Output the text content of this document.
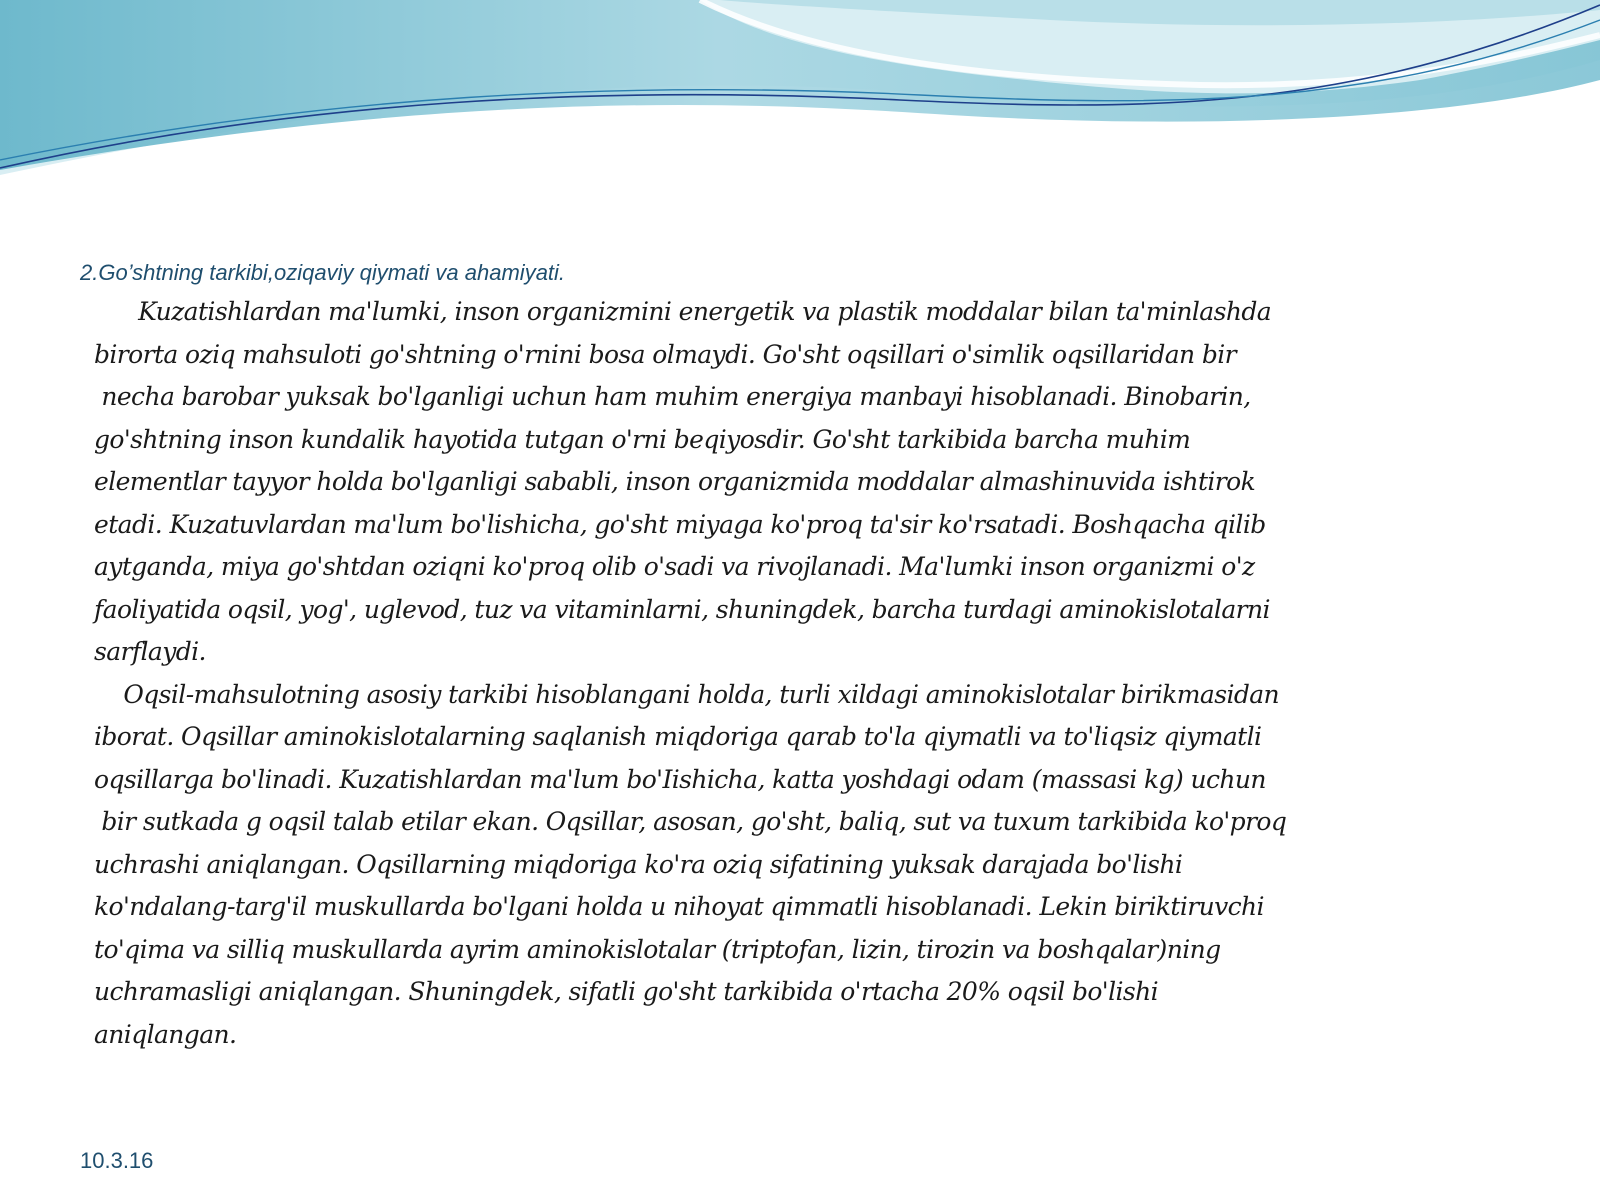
2.Go’shtning tarkibi,oziqaviy qiymati va ahamiyati.
Kuzatishlardan ma'lumki, inson organizmini energetik va plastik moddalar bilan ta'minlashda
birorta oziq mahsuloti go'shtning o'rnini bosa olmaydi. Go'sht oqsillari o'simlik oqsillaridan bir
necha barobar yuksak bo'lganligi uchun ham muhim energiya manbayi hisoblanadi. Binobarin,
go'shtning inson kundalik hayotida tutgan o'rni beqiyosdir. Go'sht tarkibida barcha muhim
elementlar tayyor holda bo'lganligi sababli, inson organizmida moddalar almashinuvida ishtirok
etadi. Kuzatuvlardan ma'lum bo'lishicha, go'sht miyaga ko'proq ta'sir ko'rsatadi. Boshqacha qilib
aytganda, miya go'shtdan oziqni ko'proq olib o'sadi va rivojlanadi. Ma'lumki inson organizmi o'z
faoliyatida oqsil, yog', uglevod, tuz va vitaminlarni, shuningdek, barcha turdagi aminokislotalarni
sarflaydi.
Oqsil-mahsulotning asosiy tarkibi hisoblangani holda, turli xildagi aminokislotalar birikmasidan
iborat. Oqsillar aminokislotalarning saqlanish miqdoriga qarab to'la qiymatli va to'liqsiz qiymatli
oqsillarga bo'linadi. Kuzatishlardan ma'lum bo'Iishicha, katta yoshdagi odam (massasi kg) uchun
bir sutkada g oqsil talab etilar ekan. Oqsillar, asosan, go'sht, baliq, sut va tuxum tarkibida ko'proq
uchrashi aniqlangan. Oqsillarning miqdoriga ko'ra oziq sifatining yuksak darajada bo'lishi
ko'ndalang-targ'il muskullarda bo'lgani holda u nihoyat qimmatli hisoblanadi. Lekin biriktiruvchi
to'qima va silliq muskullarda ayrim aminokislotalar (triptofan, lizin, tirozin va boshqalar)ning
uchramasligi aniqlangan. Shuningdek, sifatli go'sht tarkibida o'rtacha 20% oqsil bo'lishi
aniqlangan.
10.3.16
